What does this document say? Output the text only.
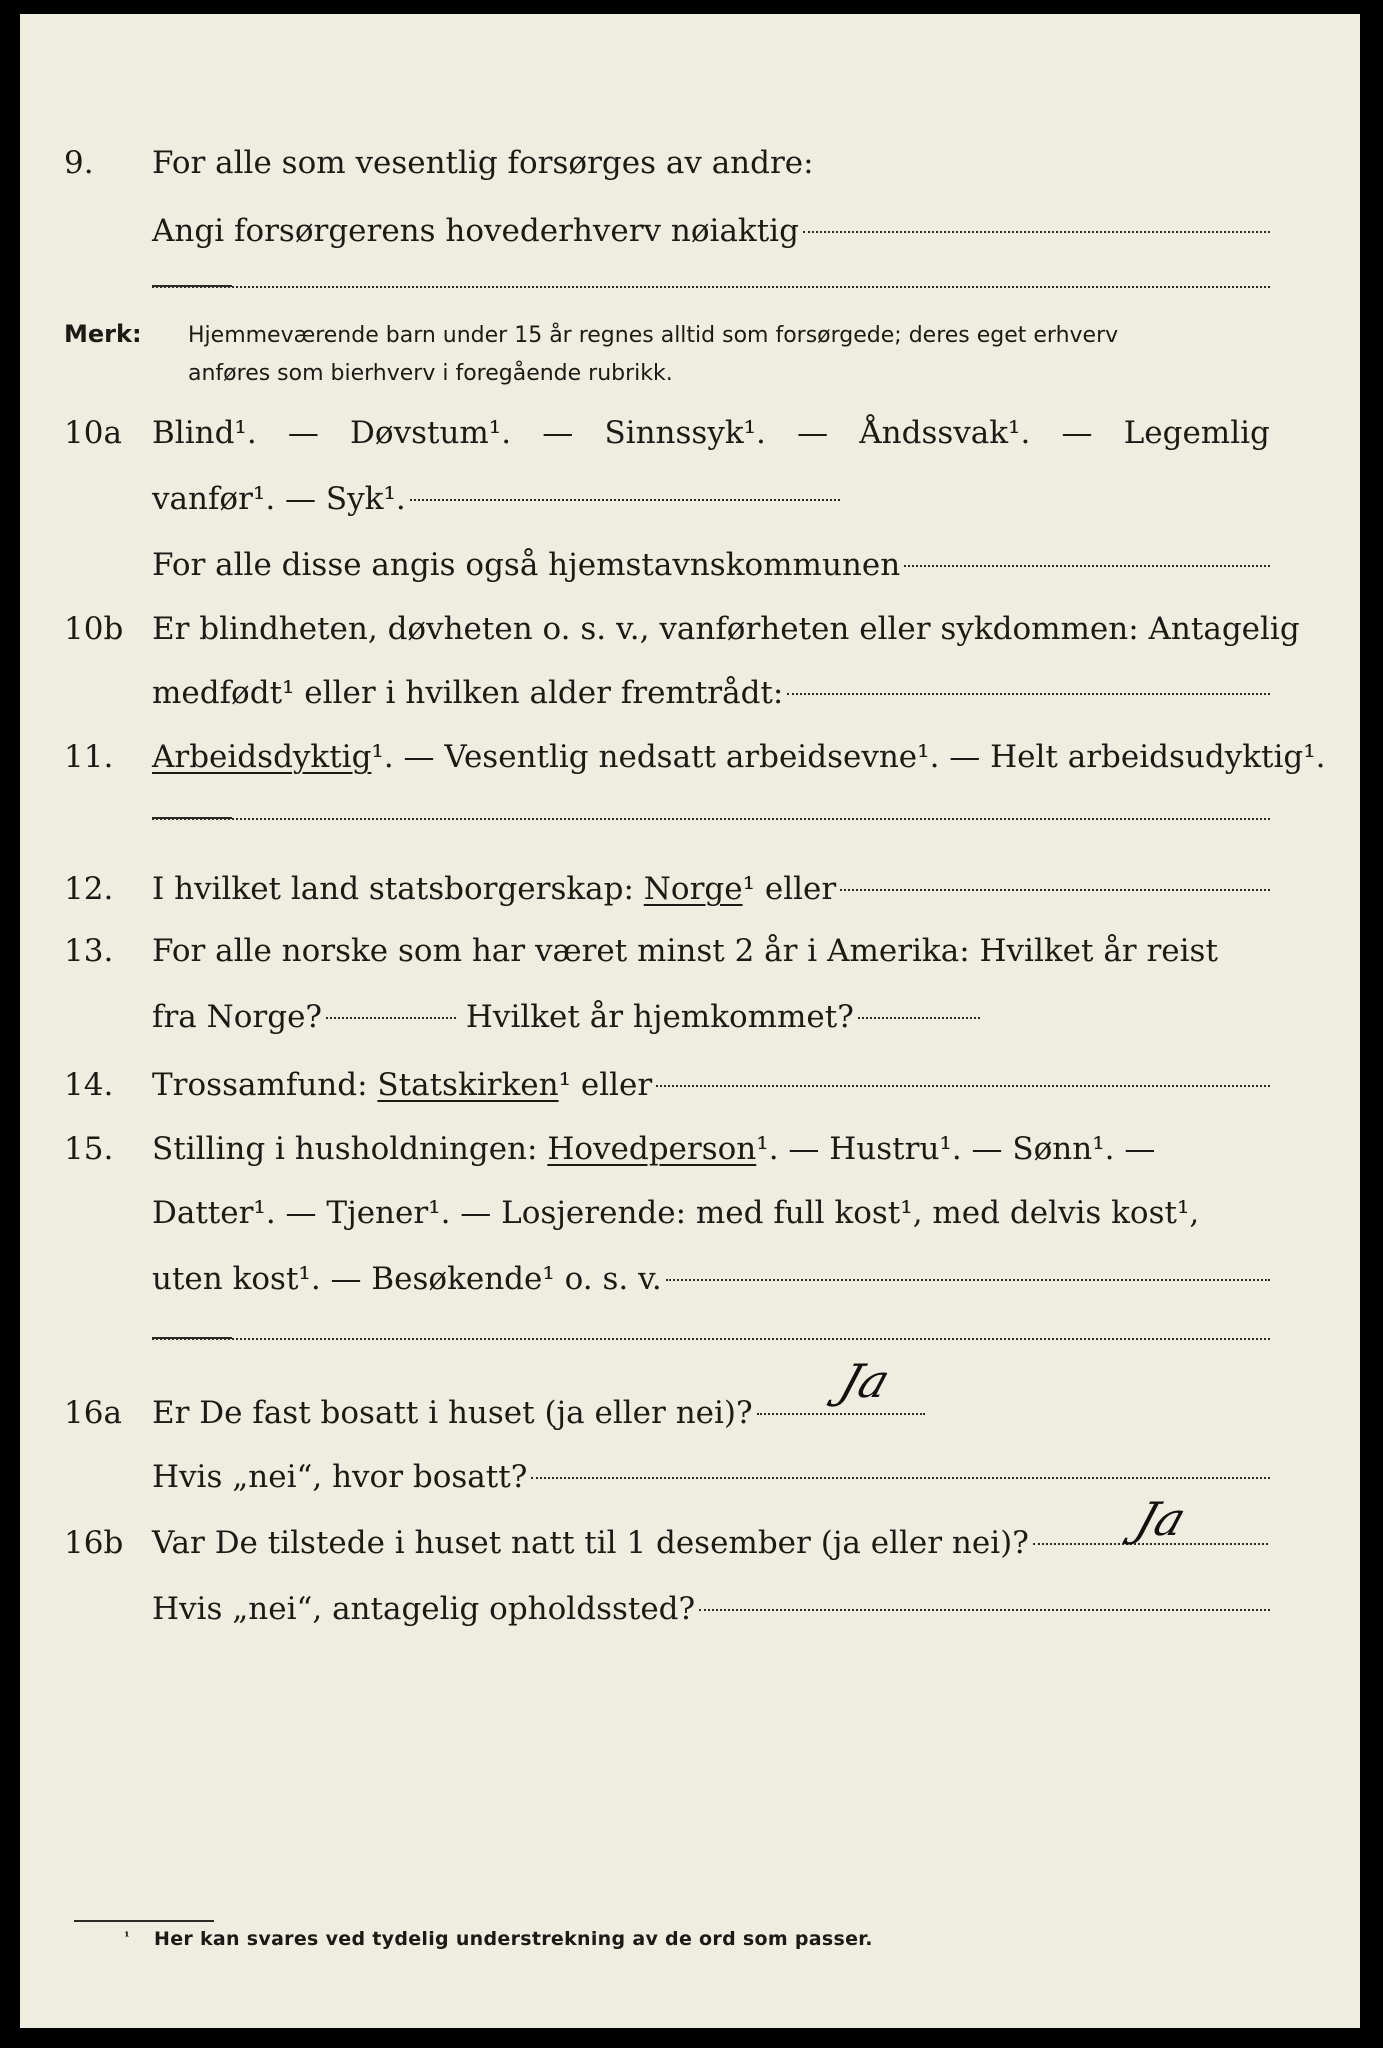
9. For alle som vesentlig forsørges av andre:
Angi forsørgerens hovederhverv nøiaktig
Merk: Hjemmeværende barn under 15 år regnes alltid som forsørgede; deres eget erhverv
anføres som bierhverv i foregående rubrikk.
10a Blind¹. — Døvstum¹. — Sinnssyk¹. — Åndssvak¹. — Legemlig
vanfør¹. — Syk¹.
For alle disse angis også hjemstavnskommunen
10b Er blindheten, døvheten o. s. v., vanførheten eller sykdommen: Antagelig
medfødt¹ eller i hvilken alder fremtrådt:
11. Arbeidsdyktig ¹. — Vesentlig nedsatt arbeidsevne¹. — Helt arbeidsudyktig¹.
12. I hvilket land statsborgerskap: Norge ¹ eller
13. For alle norske som har været minst 2 år i Amerika: Hvilket år reist
fra Norge?	Hvilket år hjemkommet?
14. Trossamfund: Statskirken ¹ eller
15. Stilling i husholdningen: Hovedperson ¹. — Hustru¹. — Sønn¹. —
Datter¹. — Tjener¹. — Losjerende: med full kost¹, med delvis kost¹,
uten kost¹. — Besøkende¹ o. s. v.
16a Er De fast bosatt i huset (ja eller nei)?
Ja
Hvis „nei“, hvor bosatt?
16b Var De tilstede i huset natt til 1 desember (ja eller nei)? Ja
Hvis „nei“, antagelig opholdssted?
¹ Her kan svares ved tydelig understrekning av de ord som passer.
